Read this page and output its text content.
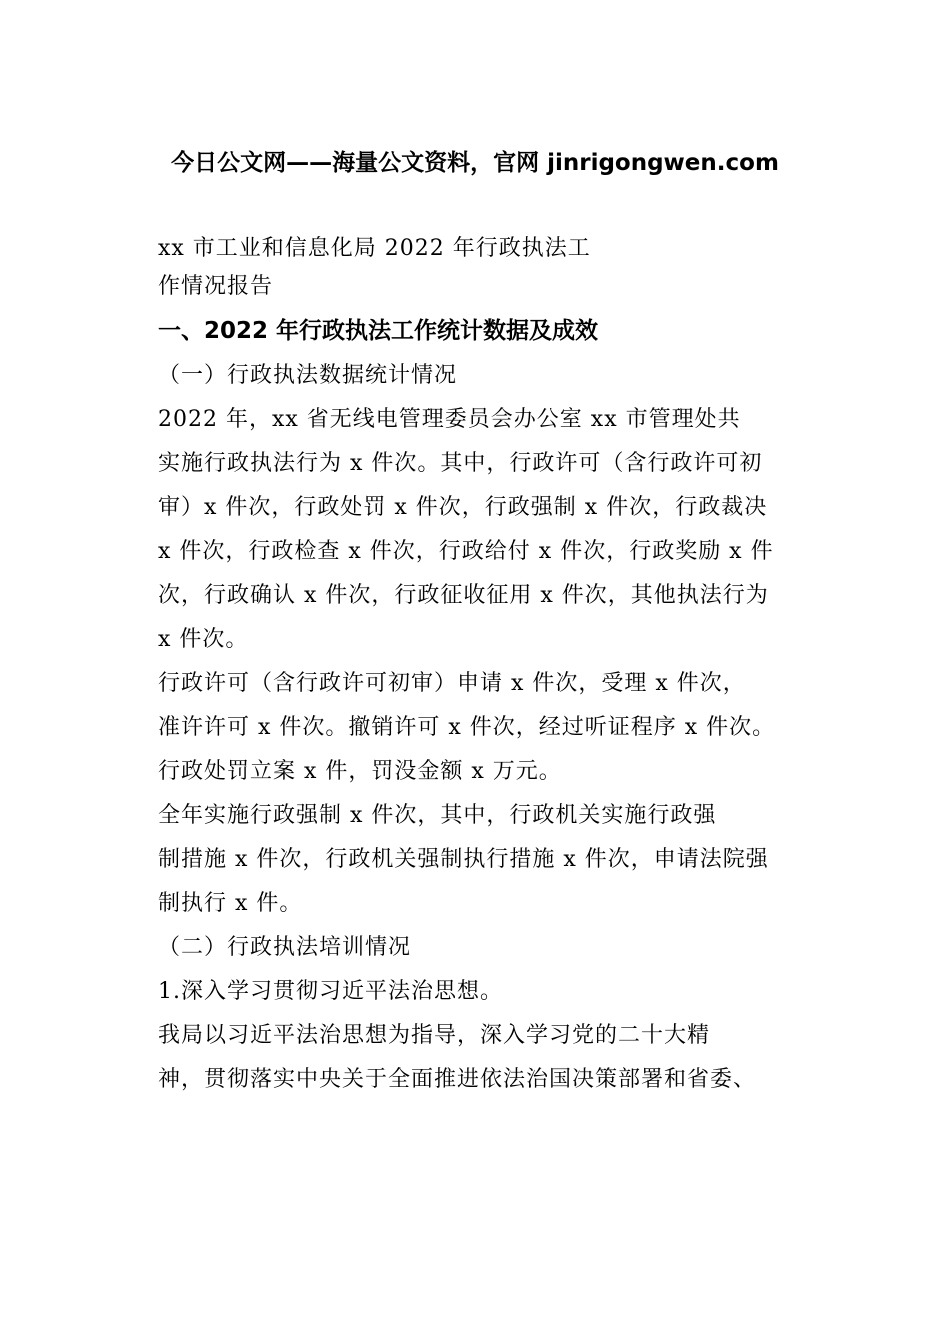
今日公文网——海量公文资料，官网 jinrigongwen.com
xx 市工业和信息化局 2022 年行政执法工
作情况报告
一、2022 年行政执法工作统计数据及成效
（一）行政执法数据统计情况
2022 年，xx 省无线电管理委员会办公室 xx 市管理处共
实施行政执法行为 x 件次。其中，行政许可（含行政许可初
审）x 件次，行政处罚 x 件次，行政强制 x 件次，行政裁决
x 件次，行政检查 x 件次，行政给付 x 件次，行政奖励 x 件
次，行政确认 x 件次，行政征收征用 x 件次，其他执法行为
x 件次。
行政许可（含行政许可初审）申请 x 件次，受理 x 件次，
准许许可 x 件次。撤销许可 x 件次，经过听证程序 x 件次。
行政处罚立案 x 件，罚没金额 x 万元。
全年实施行政强制 x 件次，其中，行政机关实施行政强
制措施 x 件次，行政机关强制执行措施 x 件次，申请法院强
制执行 x 件。
（二）行政执法培训情况
1.深入学习贯彻习近平法治思想。
我局以习近平法治思想为指导，深入学习党的二十大精
神，贯彻落实中央关于全面推进依法治国决策部署和省委、
